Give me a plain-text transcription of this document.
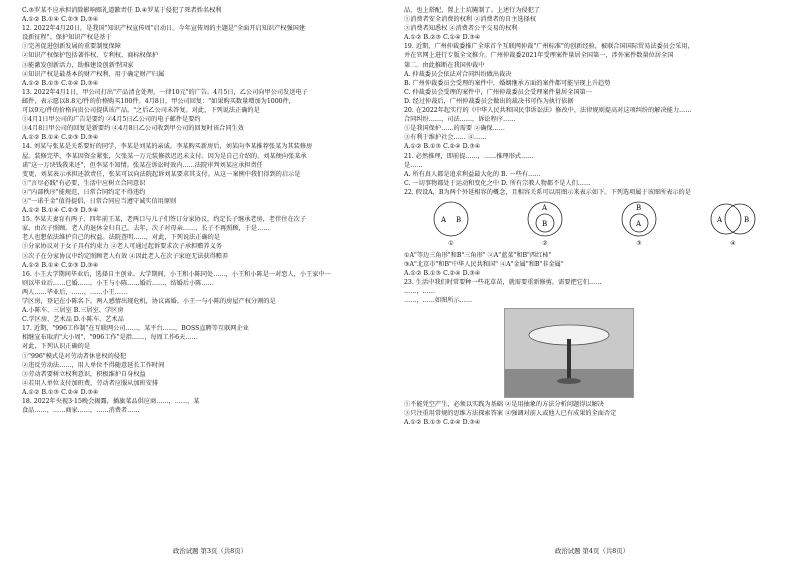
C.③罗某不应承担消除影响赔礼道歉责任 D.④罗某于侵犯了死者姓名权利
A.①② B.①④ C.②③ D.③④
12. 2022年4月20日，是我国"知识产权宣传周"启动日。今年宣传周的主题是"全面开启知识产权强国建
设新征程"。保护知识产权是基于
①完善促进创新发展的重要制度保障
②知识产权保护包括著作权、专利权、商标权保护
③能激发创新活力，助推建设创新型国家
④知识产权是最基本的财产权利，用于确定财产归属
A.①② B.①③ C.②④ D.③④
13. 2022年4月1日，甲公司打出"产品清仓处理，一律10元"的广告。4月5日，乙公司向甲公司发送电子
邮件，表示愿以8.8元/件的价格购买100件。4月8日，甲公司回复："如果购买数量增加为1000件，
可以9元/件的价格向贵公司提供该产品。"之后乙公司未答复。对此，下列说法正确的是
①4月1日甲公司的广告是要约 ②4月5日乙公司的电子邮件是要约
③4月8日甲公司的回复是新要约 ④4月8日乙公司收到甲公司的回复时该合同生效
A.①② B.①④ C.②③ D.③④
14. 刘某与张某是关系要好的同学，李某是刘某的亲戚。李某购买新房后，刘某向李某推荐张某为其装修房
屋。装修完毕，李某因资金紧张，欠张某一万元装修款迟迟未支付。因为是自己介绍的，刘某便向张某承
诺"这一万块钱我来还"，但李某不知情。张某在诉讼时效内……法院审判刘某应承担责任
变更，刘某表示承担还款责任，张某可以向法院起诉刘某要求其支付。从这一案例中我们得到的启示是
①"言尽必践"有必要，生活中应树立合同意识
②"内部秩序"能规范，日常合同约定不得违约
③"一诺千金"值得提倡，日常合同应当遵守诚实信用原则
A.①② B.①④ C.②③ D.③④
15. 李某夫妻育有两子，四年前王某，老两口与儿子们签订分家协议，约定长子继承老房，老伴住在次子
家，由次子照顾。老人的退休金归自己。去年，次子对母亲……，长子不再照顾，于是……
老人也想依法维护自己的权益。法院查明……，对此，下列说法正确的是
①分家协议对于女子具有约束力 ②老人可通过起诉要求次子承担赡养义务
③次子在分家协议中约定照顾老人有效 ④因此老人在次子家庭无法获得赡养
A.①② B.①④ C.②③ D.③④
16. 小王大学期间毕业后，选择自主创业。大学期间，小王和小陈同处……，小王和小陈是一对恋人，小王家中一
则以毕业后……已婚……。小王与小陈……婚后……，结婚后小陈……
两人……毕业后，……，……小王……
学区房，登记在小陈名下。两人感情出现危机，协议离婚。小王一与小陈的房屋产权分割的是
A.小陈车、三居室 B.三居室、学区房
C.学区房、艺术品 D.小陈车、艺术品
17. 近期，"996工作制"在互联网公司……，某平台……，BOSS直聘等互联网企业
相继宣布取消"大小周"，"996工作"是指……，每周工作6天……
对此，下列认识正确的是
①"996"模式是对劳动者休息权的侵犯
②违反劳动法……，用人单位不得随意延长工作时间
③劳动者要树立权利意识，积极维护自身权益
④若用人单位支付加班费，劳动者应服从加班安排
A.①② B.①③ C.②④ D.③④
18. 2022年央视3·15晚会揭露，插旗菜品供应商……，……，某
食品……，……商家……，……消费者……
品，也上搭配，置上土坑腌制了。上述行为侵犯了
①消费者安全消费的权利 ②消费者的自主选择权
③消费者知悉权 ④消费者公平交易的权利
A.①② B.②③ C.①④ D.③④
19. 近期，广州仲裁委推广全球首个互联网仲裁"广州标准"的创新经验，被联合国国际贸易法委员会采用，
并在官网上进行专版全文推介。广州仲裁委2021年受理案件量居全国第一，涉外案件数量位居全国
第二。由此推断在我国仲裁中
A. 仲裁委员会依法对合同纠纷做出裁决
B. 广州仲裁委员会受理的案件中，婚姻继承方面的案件都可能呈现上升趋势
C. 仲裁委员会受理的案件中，广州仲裁委员会受理案件量居全国第一
D. 经过仲裁后，广州仲裁委员会做出的裁决书可作为执行依据
20. 在2022年起实行的《中华人民共和国民事诉讼法》修改中，法律规则提高对这项纠纷的解决能力……
合同纠纷……，司法……，诉讼程序……
①是我国保护……的需要 ②确保……
③有利于维护社会…… ④……
A.①② B.①③ C.②④ D.③④
21. 必然推理，即前提……，……推理形式……
是……
A. 所有真人都是追求利益最大化的 B. 一些有……
C. 一切事物都处于运动和变化之中 D. 所有宗教人物都不是人们……
22. 假设A，B为两个外延相容的概念，且相容关系可以用图示来表示如下。下列选项属于该图所表示的是
A B
①
A
B
②
B
A
③
A	B
④
①A"等边三角形"和B"三角形" ②A"蓝菜"和B"西红柿"
③A"北京市"和B"中华人民共和国" ④A"金属"和B"非金属"
A.①② B.①③ C.②④ D.③④
23. 生活中我们时常要种一些花草苗，就需要重新修剪，需要把它们……
……，……
……，……如图所示……
①不能凭空产生，必须以实践为基础 ②是用抽象的方法分析问题得以解决
③只注重用常规的思维方法探索答案 ④强调对前人或他人已有成果的全面否定
A.①② B.①③ C.②④ D.③④
政治试题 第3页（共8页）	政治试题 第4页（共8页）
